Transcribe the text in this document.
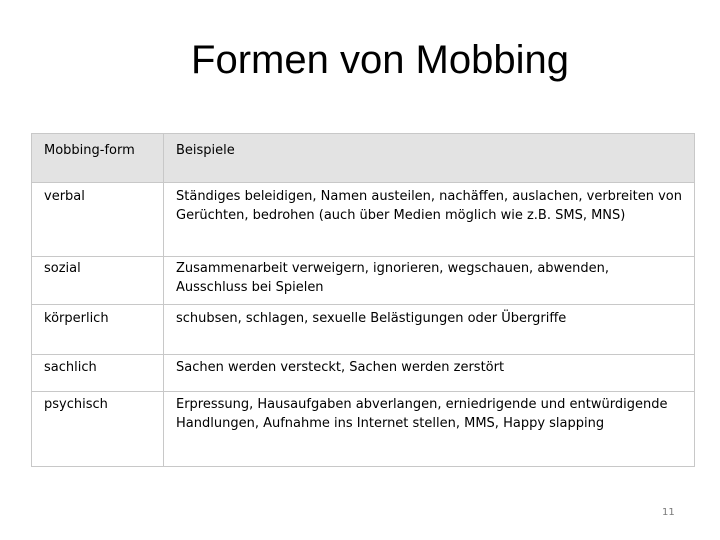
Formen von Mobbing
Mobbing-form	Beispiele
verbal	Ständiges beleidigen, Namen austeilen, nachäffen, auslachen, verbreiten von Gerüchten, bedrohen (auch über Medien möglich wie z.B. SMS, MNS)
sozial	Zusammenarbeit verweigern, ignorieren, wegschauen, abwenden, Ausschluss bei Spielen
körperlich	schubsen, schlagen, sexuelle Belästigungen oder Übergriffe
sachlich	Sachen werden versteckt, Sachen werden zerstört
psychisch	Erpressung, Hausaufgaben abverlangen, erniedrigende und entwürdigende Handlungen, Aufnahme ins Internet stellen, MMS, Happy slapping
11
